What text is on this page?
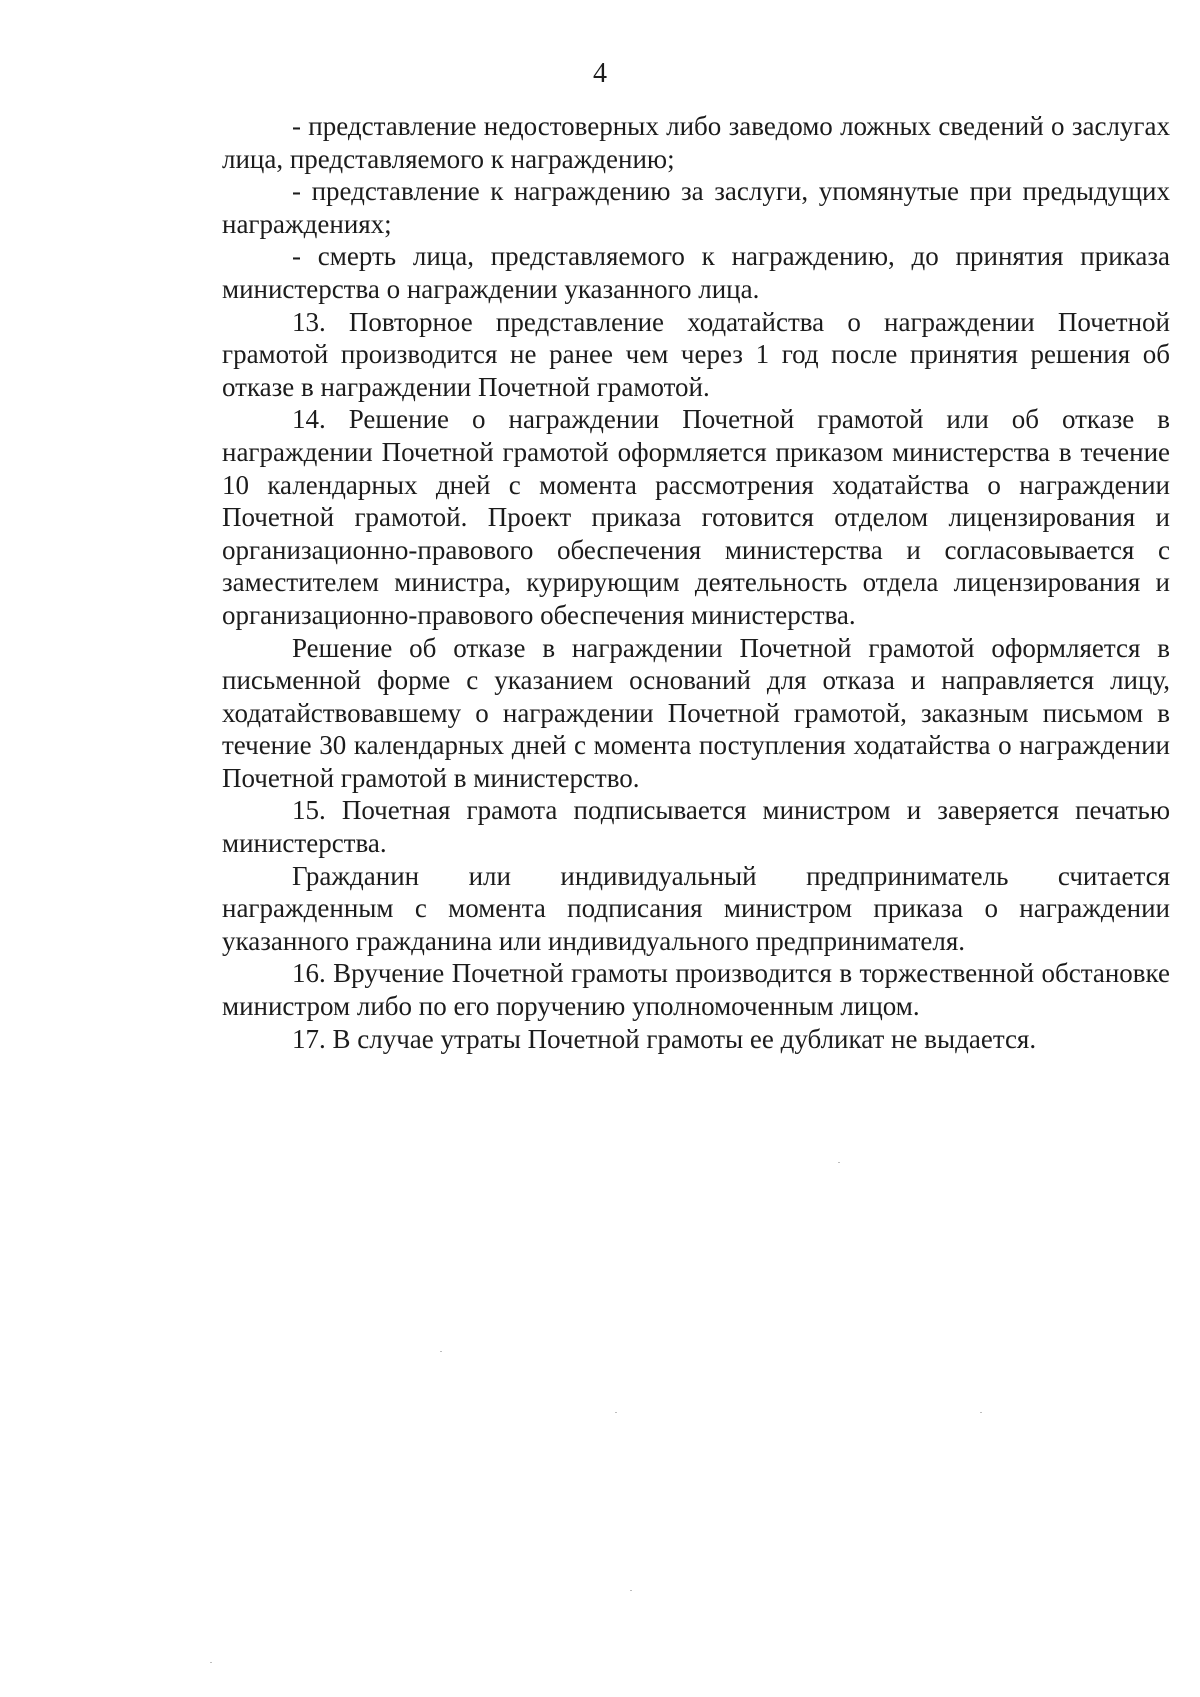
4

- представление недостоверных либо заведомо ложных сведений о заслугах лица, представляемого к награждению;

- представление к награждению за заслуги, упомянутые при предыдущих награждениях;

- смерть лица, представляемого к награждению, до принятия приказа министерства о награждении указанного лица.

13. Повторное представление ходатайства о награждении Почетной грамотой производится не ранее чем через 1 год после принятия решения об отказе в награждении Почетной грамотой.

14. Решение о награждении Почетной грамотой или об отказе в награждении Почетной грамотой оформляется приказом министерства в течение 10 календарных дней с момента рассмотрения ходатайства о награждении Почетной грамотой. Проект приказа готовится отделом лицензирования и организационно-правового обеспечения министерства и согласовывается с заместителем министра, курирующим деятельность отдела лицензирования и организационно-правового обеспечения министерства.

Решение об отказе в награждении Почетной грамотой оформляется в письменной форме с указанием оснований для отказа и направляется лицу, ходатайствовавшему о награждении Почетной грамотой, заказным письмом в течение 30 календарных дней с момента поступления ходатайства о награждении Почетной грамотой в министерство.

15. Почетная грамота подписывается министром и заверяется печатью министерства.

Гражданин или индивидуальный предприниматель считается награжденным с момента подписания министром приказа о награждении указанного гражданина или индивидуального предпринимателя.

16. Вручение Почетной грамоты производится в торжественной обстановке министром либо по его поручению уполномоченным лицом.

17. В случае утраты Почетной грамоты ее дубликат не выдается.
